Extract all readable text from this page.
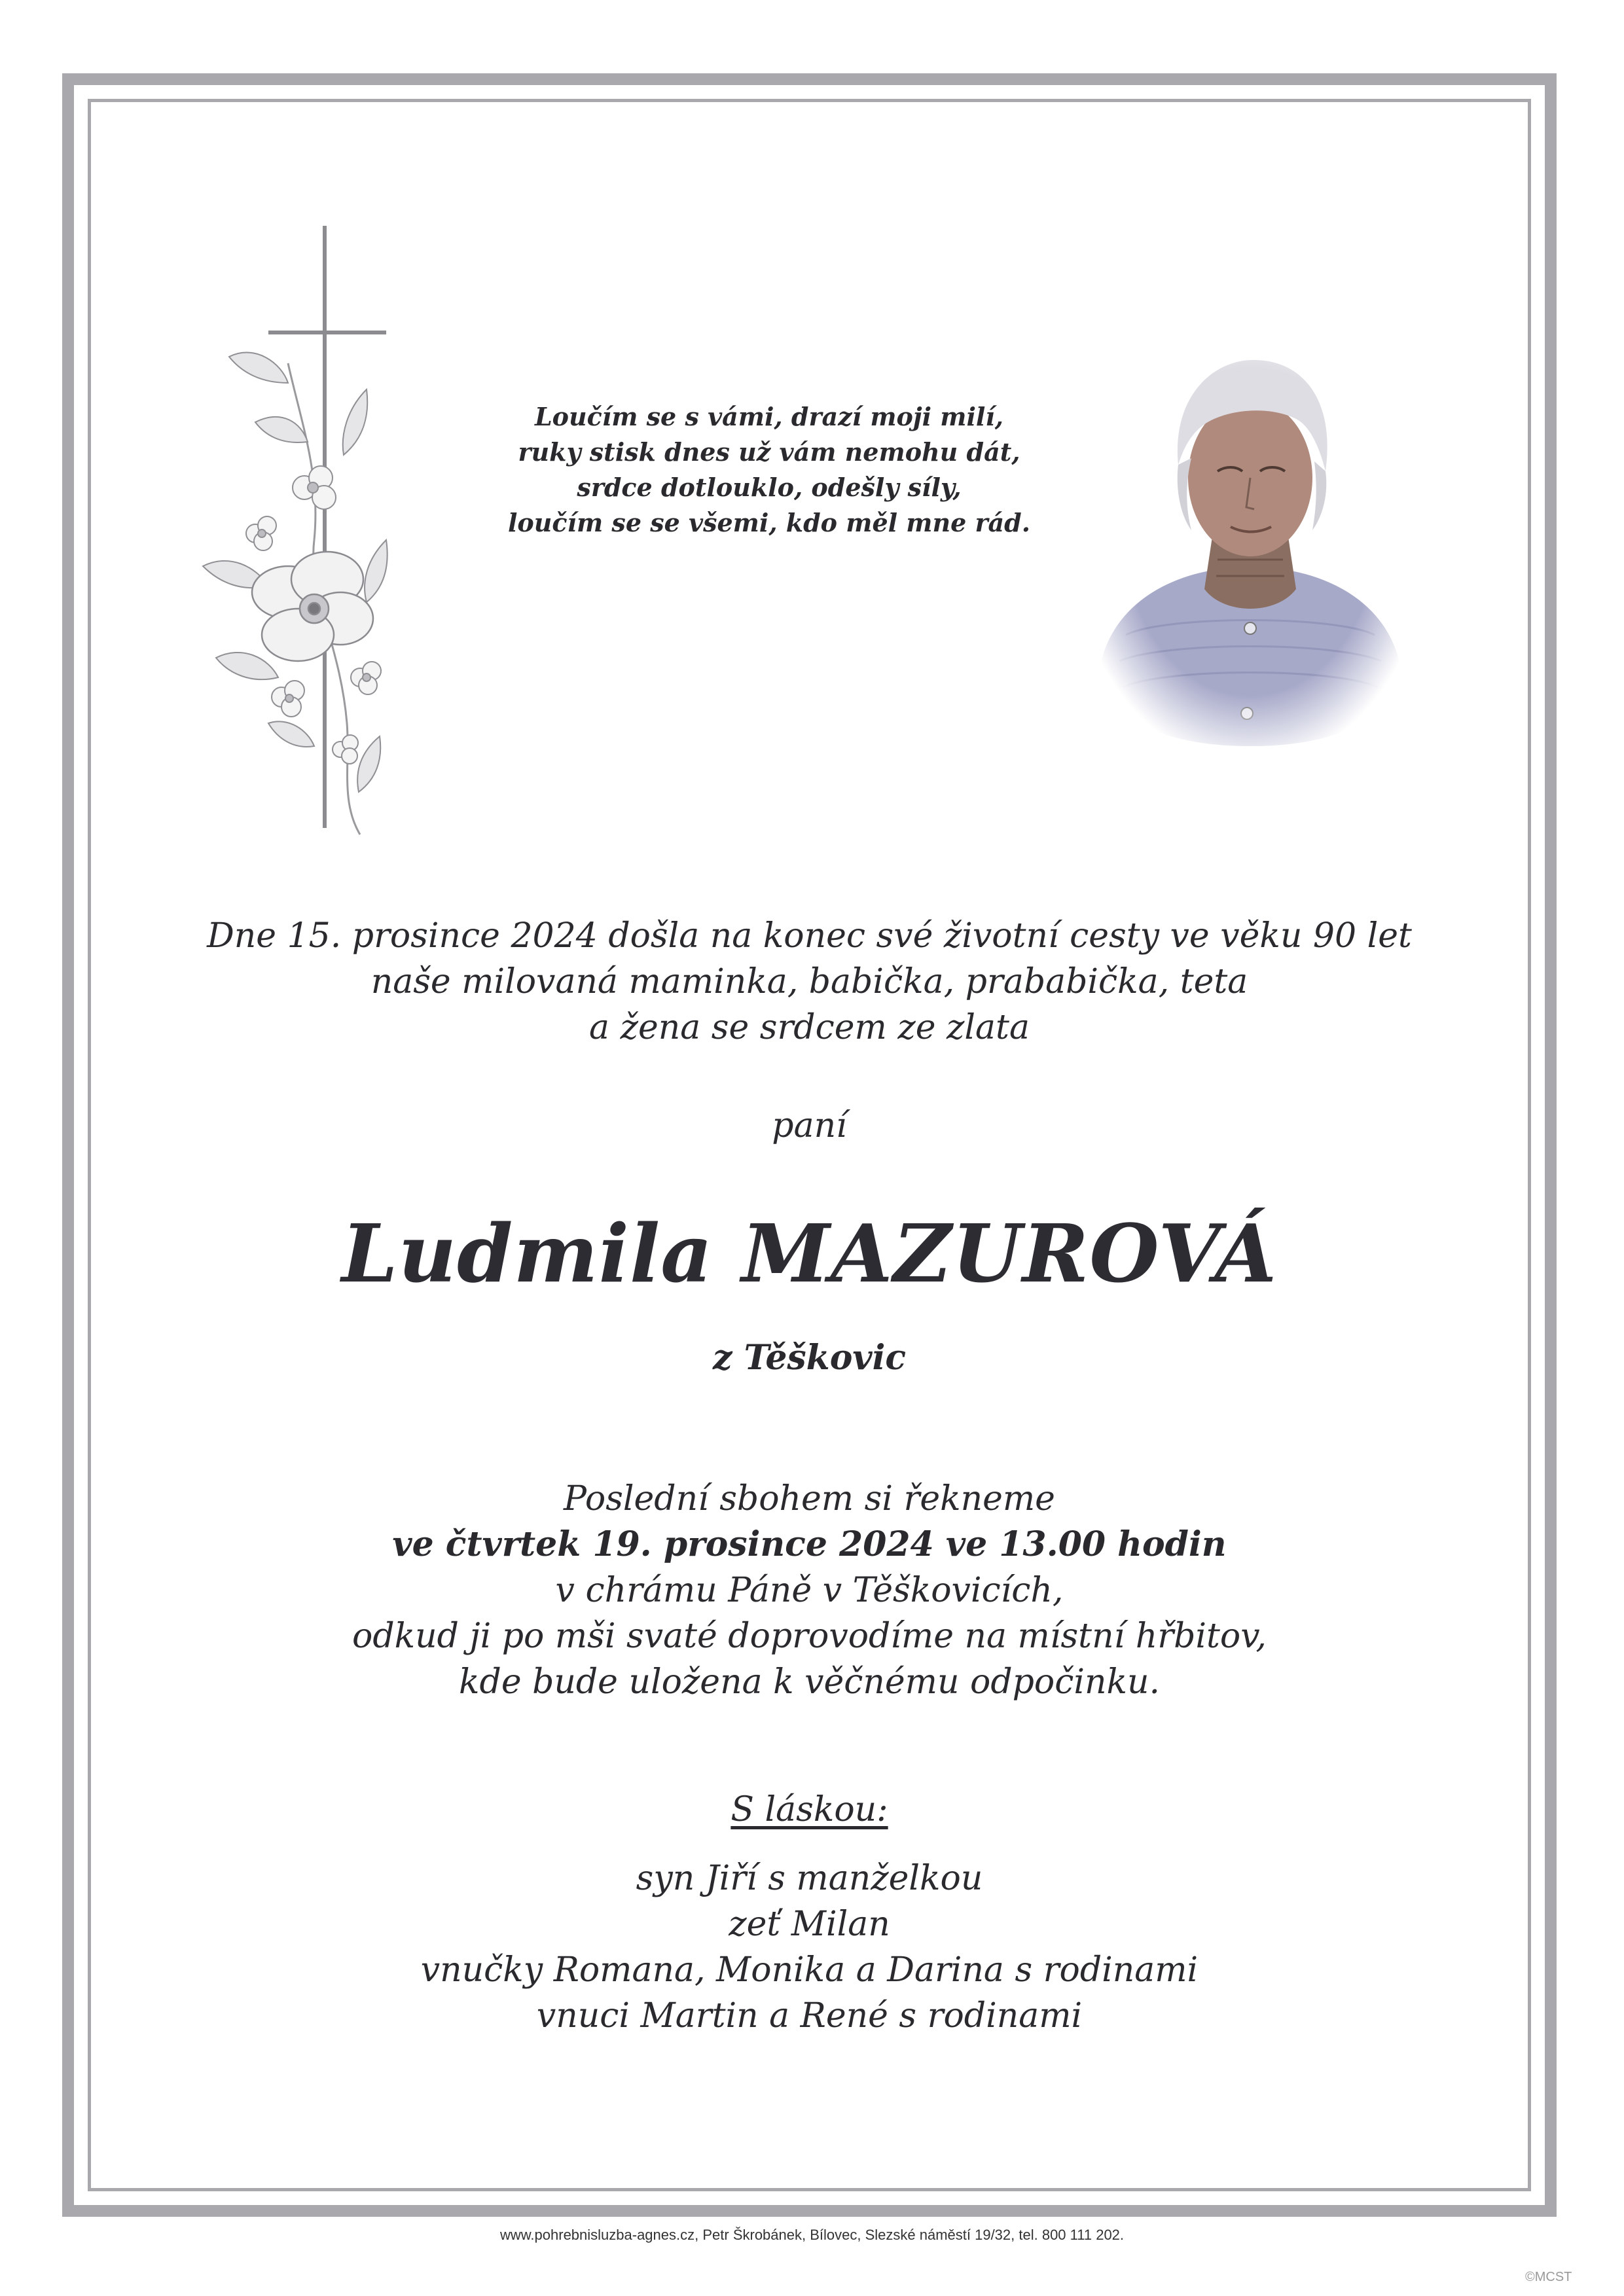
Loučím se s vámi, drazí moji milí,
ruky stisk dnes už vám nemohu dát,
srdce dotlouklo, odešly síly,
loučím se se všemi, kdo měl mne rád.
Dne 15. prosince 2024 došla na konec své životní cesty ve věku 90 let
naše milovaná maminka, babička, prababička, teta
a žena se srdcem ze zlata
paní
Ludmila MAZUROVÁ
z Těškovic
Poslední sbohem si řekneme
ve čtvrtek 19. prosince 2024 ve 13.00 hodin
v chrámu Páně v Těškovicích,
odkud ji po mši svaté doprovodíme na místní hřbitov,
kde bude uložena k věčnému odpočinku.
S láskou:
syn Jiří s manželkou
zeť Milan
vnučky Romana, Monika a Darina s rodinami
vnuci Martin a René s rodinami
www.pohrebnisluzba-agnes.cz, Petr Škrobánek, Bílovec, Slezské náměstí 19/32, tel. 800 111 202.
©MCST
